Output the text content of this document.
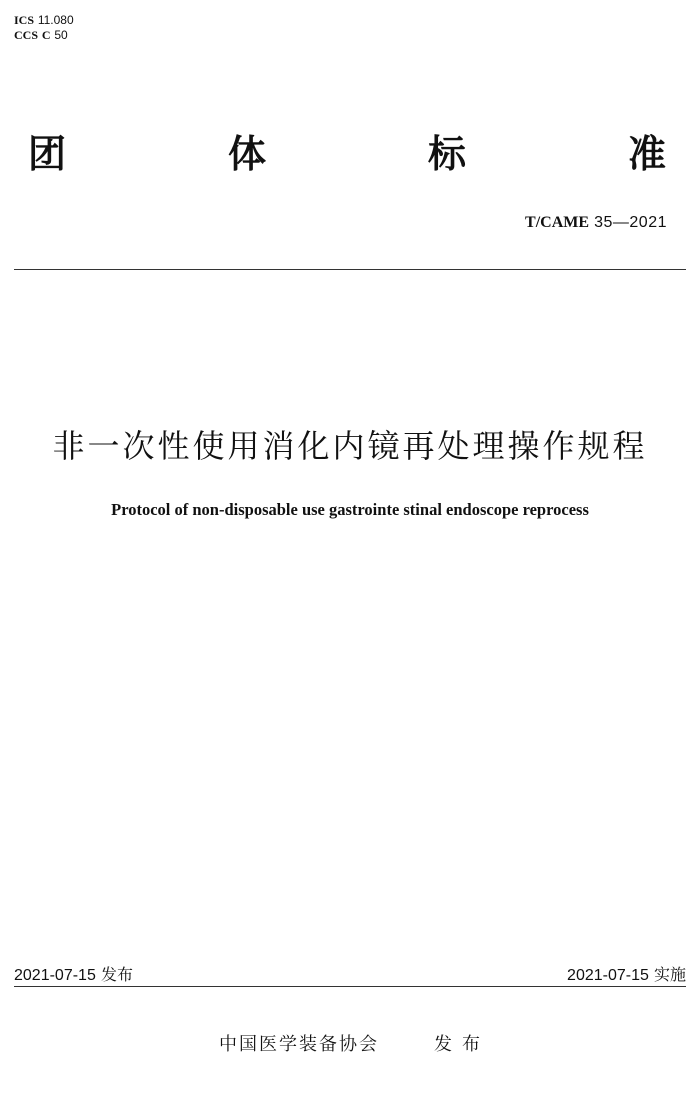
ICS 11.080
CCS C 50
团	体	标	准
T/CAME 35—2021
非一次性使用消化内镜再处理操作规程
Protocol of non-disposable use gastrointe stinal endoscope reprocess
2021-07-15 发布	2021-07-15 实施
中国医学装备协会	发布
